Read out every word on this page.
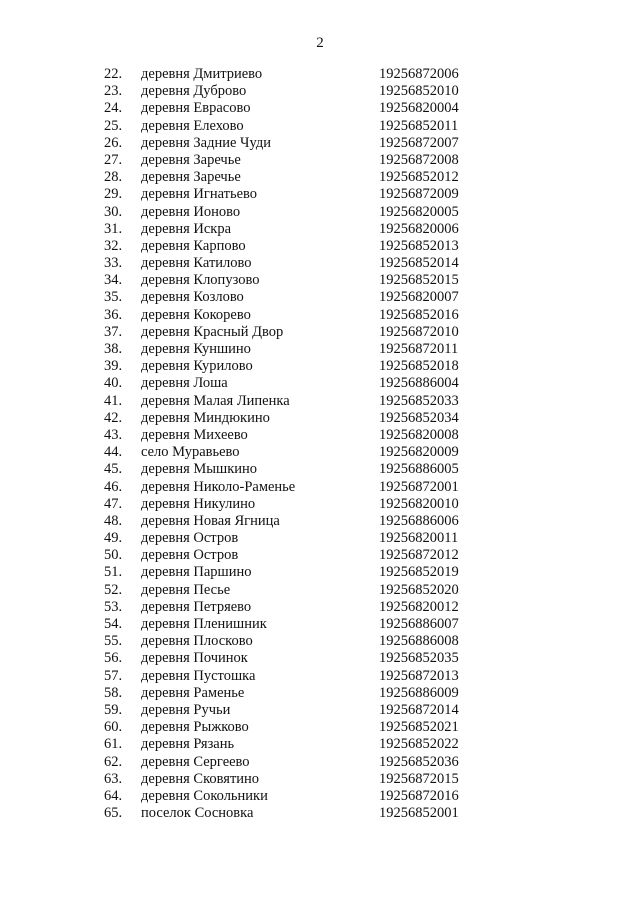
2
22. деревня Дмитриево	19256872006
23. деревня Дуброво	19256852010
24. деревня Еврасово	19256820004
25. деревня Елехово	19256852011
26. деревня Задние Чуди	19256872007
27. деревня Заречье	19256872008
28. деревня Заречье	19256852012
29. деревня Игнатьево	19256872009
30. деревня Ионово	19256820005
31. деревня Искра	19256820006
32. деревня Карпово	19256852013
33. деревня Катилово	19256852014
34. деревня Клопузово	19256852015
35. деревня Козлово	19256820007
36. деревня Кокорево	19256852016
37. деревня Красный Двор	19256872010
38. деревня Куншино	19256872011
39. деревня Курилово	19256852018
40. деревня Лоша	19256886004
41. деревня Малая Липенка	19256852033
42. деревня Миндюкино	19256852034
43. деревня Михеево	19256820008
44. село Муравьево	19256820009
45. деревня Мышкино	19256886005
46. деревня Николо-Раменье	19256872001
47. деревня Никулино	19256820010
48. деревня Новая Ягница	19256886006
49. деревня Остров	19256820011
50. деревня Остров	19256872012
51. деревня Паршино	19256852019
52. деревня Песье	19256852020
53. деревня Петряево	19256820012
54. деревня Пленишник	19256886007
55. деревня Плосково	19256886008
56. деревня Починок	19256852035
57. деревня Пустошка	19256872013
58. деревня Раменье	19256886009
59. деревня Ручьи	19256872014
60. деревня Рыжково	19256852021
61. деревня Рязань	19256852022
62. деревня Сергеево	19256852036
63. деревня Сковятино	19256872015
64. деревня Сокольники	19256872016
65. поселок Сосновка	19256852001
